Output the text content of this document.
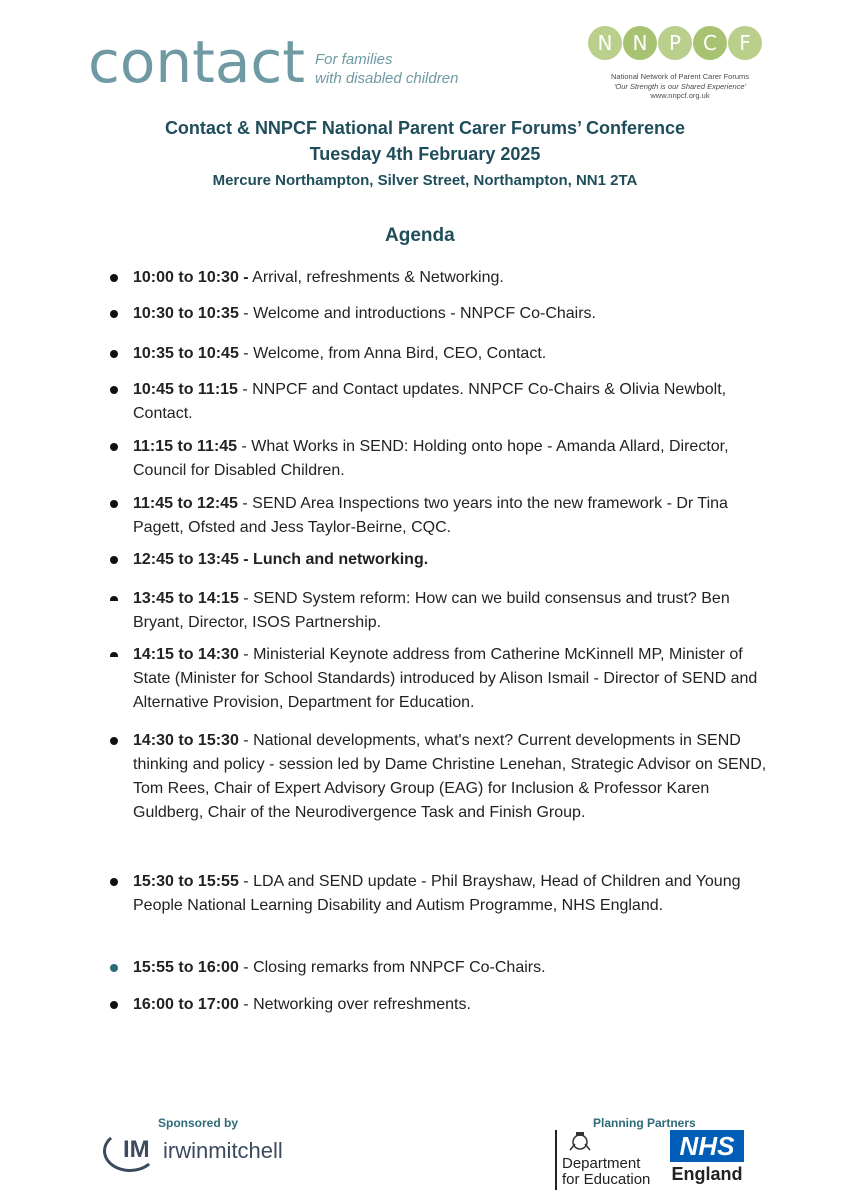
contact For families
with disabled children
N	N	P	C	F
National Network of Parent Carer Forums
'Our Strength is our Shared Experience'
www.nnpcf.org.uk
Contact & NNPCF National Parent Carer Forums’ Conference
Tuesday 4th February 2025
Mercure Northampton, Silver Street, Northampton, NN1 2TA
Agenda
10:00 to 10:30 - Arrival, refreshments & Networking.
10:30 to 10:35 - Welcome and introductions - NNPCF Co-Chairs.
10:35 to 10:45 - Welcome, from Anna Bird, CEO, Contact.
10:45 to 11:15 - NNPCF and Contact updates. NNPCF Co-Chairs & Olivia Newbolt, Contact.
11:15 to 11:45 - What Works in SEND: Holding onto hope - Amanda Allard, Director, Council for Disabled Children.
11:45 to 12:45 - SEND Area Inspections two years into the new framework - Dr Tina Pagett, Ofsted and Jess Taylor-Beirne, CQC.
12:45 to 13:45 - Lunch and networking.
13:45 to 14:15 - SEND System reform: How can we build consensus and trust? Ben Bryant, Director, ISOS Partnership.
14:15 to 14:30 - Ministerial Keynote address from Catherine McKinnell MP, Minister of State (Minister for School Standards) introduced by Alison Ismail - Director of SEND and Alternative Provision, Department for Education.
14:30 to 15:30 - National developments, what's next? Current developments in SEND thinking and policy - session led by Dame Christine Lenehan, Strategic Advisor on SEND, Tom Rees, Chair of Expert Advisory Group (EAG) for Inclusion & Professor Karen Guldberg, Chair of the Neurodivergence Task and Finish Group.
15:30 to 15:55 - LDA and SEND update - Phil Brayshaw, Head of Children and Young People National Learning Disability and Autism Programme, NHS England.
15:55 to 16:00 - Closing remarks from NNPCF Co-Chairs.
16:00 to 17:00 - Networking over refreshments.
Sponsored by	Planning Partners
IM irwinmitchell
Department
for Education
NHS
England
